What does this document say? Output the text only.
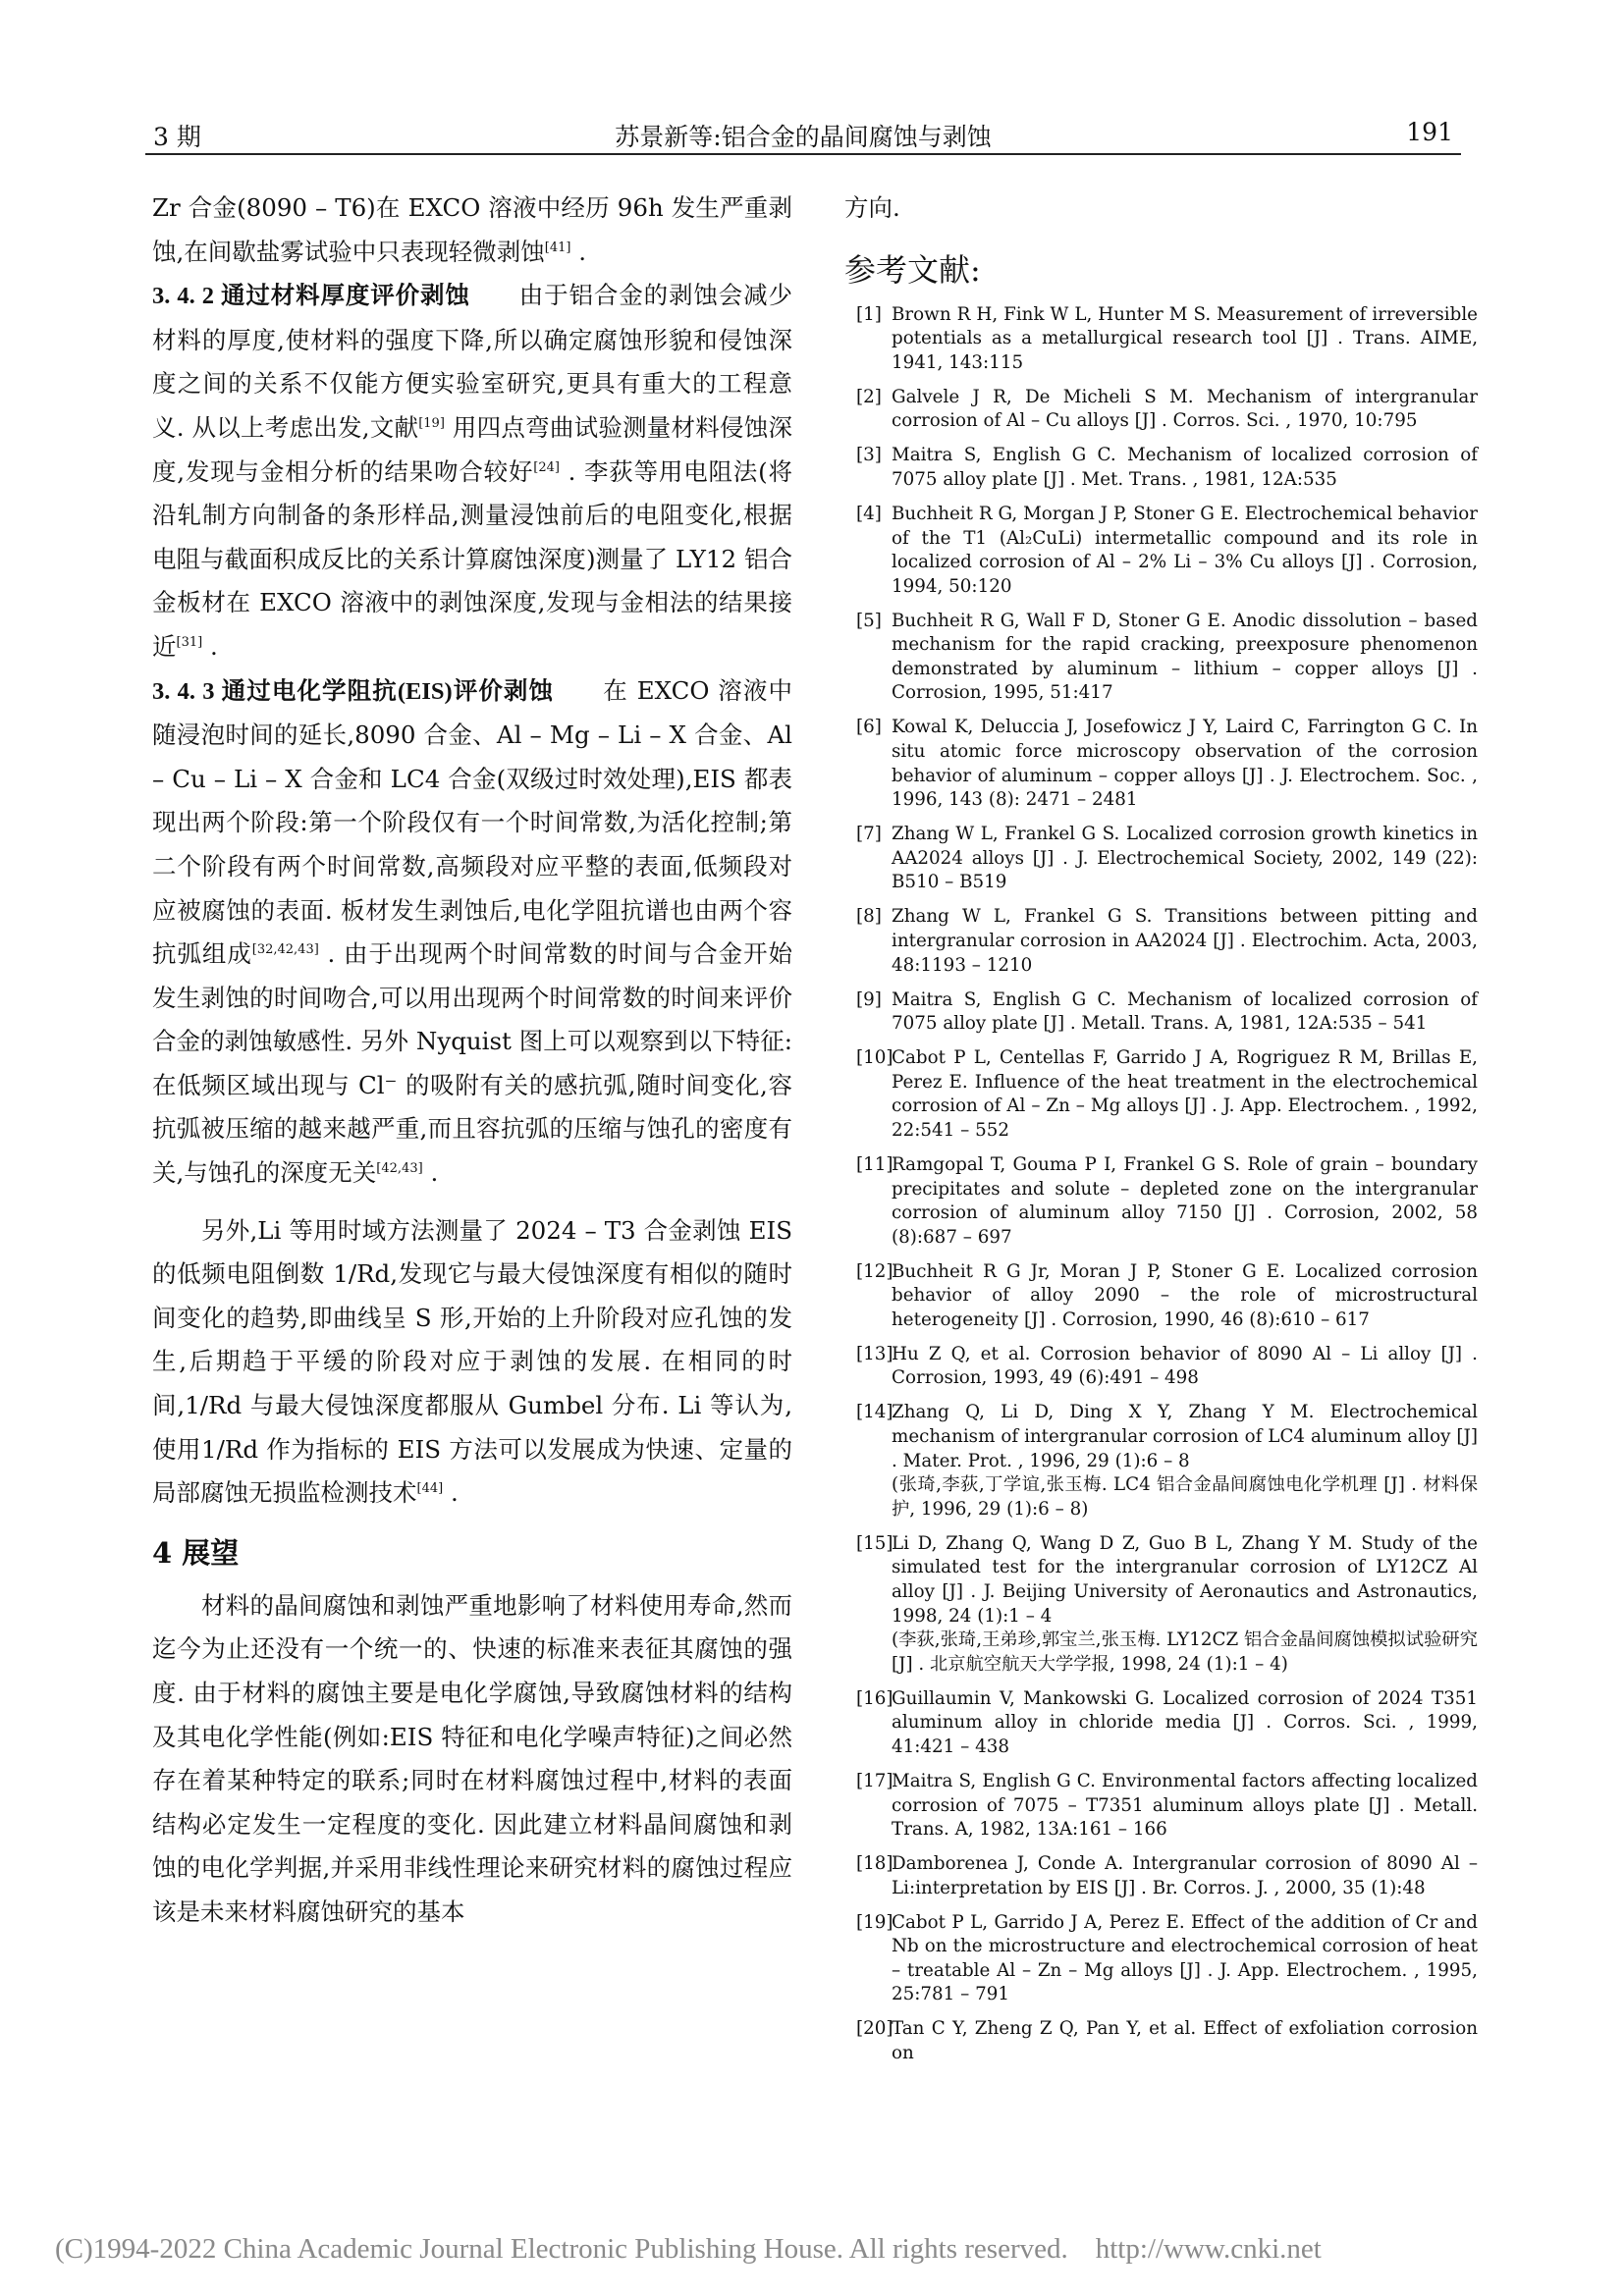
3 期	苏景新等:铝合金的晶间腐蚀与剥蚀	191

Zr 合金(8090 – T6)在 EXCO 溶液中经历 96h 发生严重剥蚀,在间歇盐雾试验中只表现轻微剥蚀[41] .

3. 4. 2 通过材料厚度评价剥蚀   由于铝合金的剥蚀会减少材料的厚度,使材料的强度下降,所以确定腐蚀形貌和侵蚀深度之间的关系不仅能方便实验室研究,更具有重大的工程意义. 从以上考虑出发,文献[19] 用四点弯曲试验测量材料侵蚀深度,发现与金相分析的结果吻合较好[24] . 李荻等用电阻法(将沿轧制方向制备的条形样品,测量浸蚀前后的电阻变化,根据电阻与截面积成反比的关系计算腐蚀深度)测量了 LY12 铝合金板材在 EXCO 溶液中的剥蚀深度,发现与金相法的结果接近[31] .

3. 4. 3 通过电化学阻抗(EIS)评价剥蚀   在 EXCO 溶液中随浸泡时间的延长,8090 合金、Al – Mg – Li – X 合金、Al – Cu – Li – X 合金和 LC4 合金(双级过时效处理),EIS 都表现出两个阶段:第一个阶段仅有一个时间常数,为活化控制;第二个阶段有两个时间常数,高频段对应平整的表面,低频段对应被腐蚀的表面. 板材发生剥蚀后,电化学阻抗谱也由两个容抗弧组成[32,42,43] . 由于出现两个时间常数的时间与合金开始发生剥蚀的时间吻合,可以用出现两个时间常数的时间来评价合金的剥蚀敏感性. 另外 Nyquist 图上可以观察到以下特征:在低频区域出现与 Cl⁻ 的吸附有关的感抗弧,随时间变化,容抗弧被压缩的越来越严重,而且容抗弧的压缩与蚀孔的密度有关,与蚀孔的深度无关[42,43] .

另外,Li 等用时域方法测量了 2024 – T3 合金剥蚀 EIS 的低频电阻倒数 1/Rd,发现它与最大侵蚀深度有相似的随时间变化的趋势,即曲线呈 S 形,开始的上升阶段对应孔蚀的发生,后期趋于平缓的阶段对应于剥蚀的发展. 在相同的时间,1/Rd 与最大侵蚀深度都服从 Gumbel 分布. Li 等认为,使用1/Rd 作为指标的 EIS 方法可以发展成为快速、定量的局部腐蚀无损监检测技术[44] .

4 展望

材料的晶间腐蚀和剥蚀严重地影响了材料使用寿命,然而迄今为止还没有一个统一的、快速的标准来表征其腐蚀的强度. 由于材料的腐蚀主要是电化学腐蚀,导致腐蚀材料的结构及其电化学性能(例如:EIS 特征和电化学噪声特征)之间必然存在着某种特定的联系;同时在材料腐蚀过程中,材料的表面结构必定发生一定程度的变化. 因此建立材料晶间腐蚀和剥蚀的电化学判据,并采用非线性理论来研究材料的腐蚀过程应该是未来材料腐蚀研究的基本

方向.

参考文献:
[1] Brown R H, Fink W L, Hunter M S. Measurement of irreversible potentials as a metallurgical research tool [J] . Trans. AIME, 1941, 143:115
[2] Galvele J R, De Micheli S M. Mechanism of intergranular corrosion of Al – Cu alloys [J] . Corros. Sci. , 1970, 10:795
[3] Maitra S, English G C. Mechanism of localized corrosion of 7075 alloy plate [J] . Met. Trans. , 1981, 12A:535
[4] Buchheit R G, Morgan J P, Stoner G E. Electrochemical behavior of the T1 (Al₂CuLi) intermetallic compound and its role in localized corrosion of Al – 2% Li – 3% Cu alloys [J] . Corrosion, 1994, 50:120
[5] Buchheit R G, Wall F D, Stoner G E. Anodic dissolution – based mechanism for the rapid cracking, preexposure phenomenon demonstrated by aluminum – lithium – copper alloys [J] . Corrosion, 1995, 51:417
[6] Kowal K, Deluccia J, Josefowicz J Y, Laird C, Farrington G C. In situ atomic force microscopy observation of the corrosion behavior of aluminum – copper alloys [J] . J. Electrochem. Soc. , 1996, 143 (8): 2471 – 2481
[7] Zhang W L, Frankel G S. Localized corrosion growth kinetics in AA2024 alloys [J] . J. Electrochemical Society, 2002, 149 (22): B510 – B519
[8] Zhang W L, Frankel G S. Transitions between pitting and intergranular corrosion in AA2024 [J] . Electrochim. Acta, 2003, 48:1193 – 1210
[9] Maitra S, English G C. Mechanism of localized corrosion of 7075 alloy plate [J] . Metall. Trans. A, 1981, 12A:535 – 541
[10]
Cabot P L, Centellas F, Garrido J A, Rogriguez R M, Brillas E, Perez E. Influence of the heat treatment in the electrochemical corrosion of Al – Zn – Mg alloys [J] . J. App. Electrochem. , 1992, 22:541 – 552
[11]
Ramgopal T, Gouma P I, Frankel G S. Role of grain – boundary precipitates and solute – depleted zone on the intergranular corrosion of aluminum alloy 7150 [J] . Corrosion, 2002, 58 (8):687 – 697
[12]
Buchheit R G Jr, Moran J P, Stoner G E. Localized corrosion behavior of alloy 2090 – the role of microstructural heterogeneity [J] . Corrosion, 1990, 46 (8):610 – 617
[13]
Hu Z Q, et al. Corrosion behavior of 8090 Al – Li alloy [J] . Corrosion, 1993, 49 (6):491 – 498
[14]
Zhang Q, Li D, Ding X Y, Zhang Y M. Electrochemical mechanism of intergranular corrosion of LC4 aluminum alloy [J] . Mater. Prot. , 1996, 29 (1):6 – 8
(张琦,李荻,丁学谊,张玉梅. LC4 铝合金晶间腐蚀电化学机理 [J] . 材料保护, 1996, 29 (1):6 – 8)
[15]
Li D, Zhang Q, Wang D Z, Guo B L, Zhang Y M. Study of the simulated test for the intergranular corrosion of LY12CZ Al alloy [J] . J. Beijing University of Aeronautics and Astronautics, 1998, 24 (1):1 – 4
(李荻,张琦,王弟珍,郭宝兰,张玉梅. LY12CZ 铝合金晶间腐蚀模拟试验研究 [J] . 北京航空航天大学学报, 1998, 24 (1):1 – 4)
[16]
Guillaumin V, Mankowski G. Localized corrosion of 2024 T351 aluminum alloy in chloride media [J] . Corros. Sci. , 1999, 41:421 – 438
[17]
Maitra S, English G C. Environmental factors affecting localized corrosion of 7075 – T7351 aluminum alloys plate [J] . Metall. Trans. A, 1982, 13A:161 – 166
[18]
Damborenea J, Conde A. Intergranular corrosion of 8090 Al – Li:interpretation by EIS [J] . Br. Corros. J. , 2000, 35 (1):48
[19]
Cabot P L, Garrido J A, Perez E. Effect of the addition of Cr and Nb on the microstructure and electrochemical corrosion of heat – treatable Al – Zn – Mg alloys [J] . J. App. Electrochem. , 1995, 25:781 – 791
[20]
Tan C Y, Zheng Z Q, Pan Y, et al. Effect of exfoliation corrosion on
(C)1994-2022 China Academic Journal Electronic Publishing House. All rights reserved. http://www.cnki.net
